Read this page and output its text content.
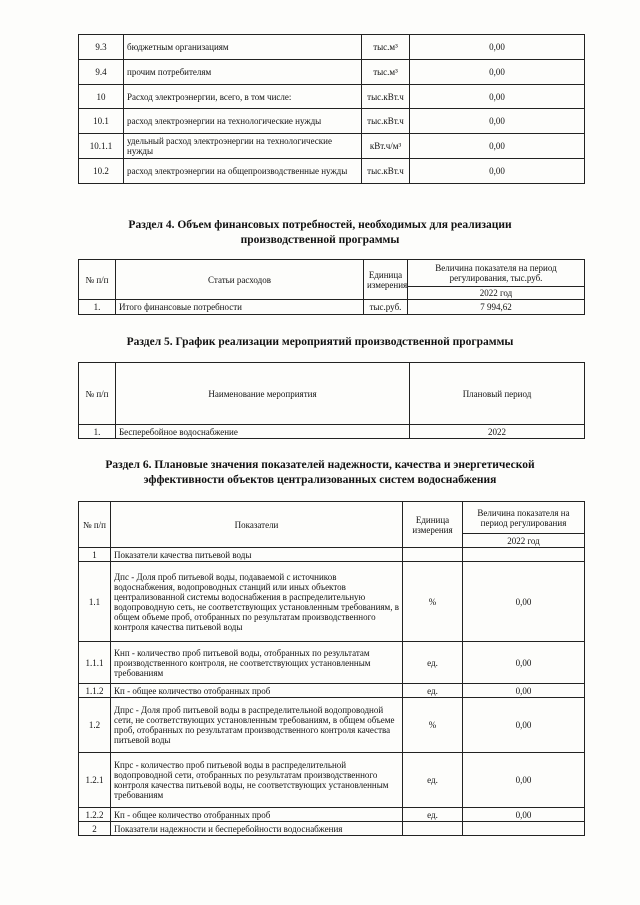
9.3	бюджетным организациям	тыс.м³	0,00
9.4	прочим потребителям	тыс.м³	0,00
10	Расход электроэнергии, всего, в том числе:	тыс.кВт.ч	0,00
10.1	расход электроэнергии на технологические нужды	тыс.кВт.ч	0,00
10.1.1	удельный расход электроэнергии на технологические нужды	кВт.ч/м³	0,00
10.2	расход электроэнергии на общепроизводственные нужды	тыс.кВт.ч	0,00
Раздел 4. Объем финансовых потребностей, необходимых для реализации
производственной программы
№ п/п	Статьи расходов	Единица измерения	Величина показателя на период регулирования, тыс.руб.
			2022 год
1.	Итого финансовые потребности	тыс.руб.	7 994,62
Раздел 5. График реализации мероприятий производственной программы
№ п/п	Наименование мероприятия	Плановый период
1.	Бесперебойное водоснабжение	2022
Раздел 6. Плановые значения показателей надежности, качества и энергетической
эффективности объектов централизованных систем водоснабжения
№ п/п	Показатели	Единица измерения	Величина показателя на период регулирования
			2022 год
1	Показатели качества питьевой воды		
1.1	Дпс - Доля проб питьевой воды, подаваемой с источников водоснабжения, водопроводных станций или иных объектов централизованной системы водоснабжения в распределительную водопроводную сеть, не соответствующих установленным требованиям, в общем объеме проб, отобранных по результатам производственного контроля качества питьевой воды	%	0,00
1.1.1	Кнп - количество проб питьевой воды, отобранных по результатам производственного контроля, не соответствующих установленным требованиям	ед.	0,00
1.1.2	Кп - общее количество отобранных проб	ед.	0,00
1.2	Дпрс - Доля проб питьевой воды в распределительной водопроводной сети, не соответствующих установленным требованиям, в общем объеме проб, отобранных по результатам производственного контроля качества питьевой воды	%	0,00
1.2.1	Кпрс - количество проб питьевой воды в распределительной водопроводной сети, отобранных по результатам производственного контроля качества питьевой воды, не соответствующих установленным требованиям	ед.	0,00
1.2.2	Кп - общее количество отобранных проб	ед.	0,00
2	Показатели надежности и бесперебойности водоснабжения		
